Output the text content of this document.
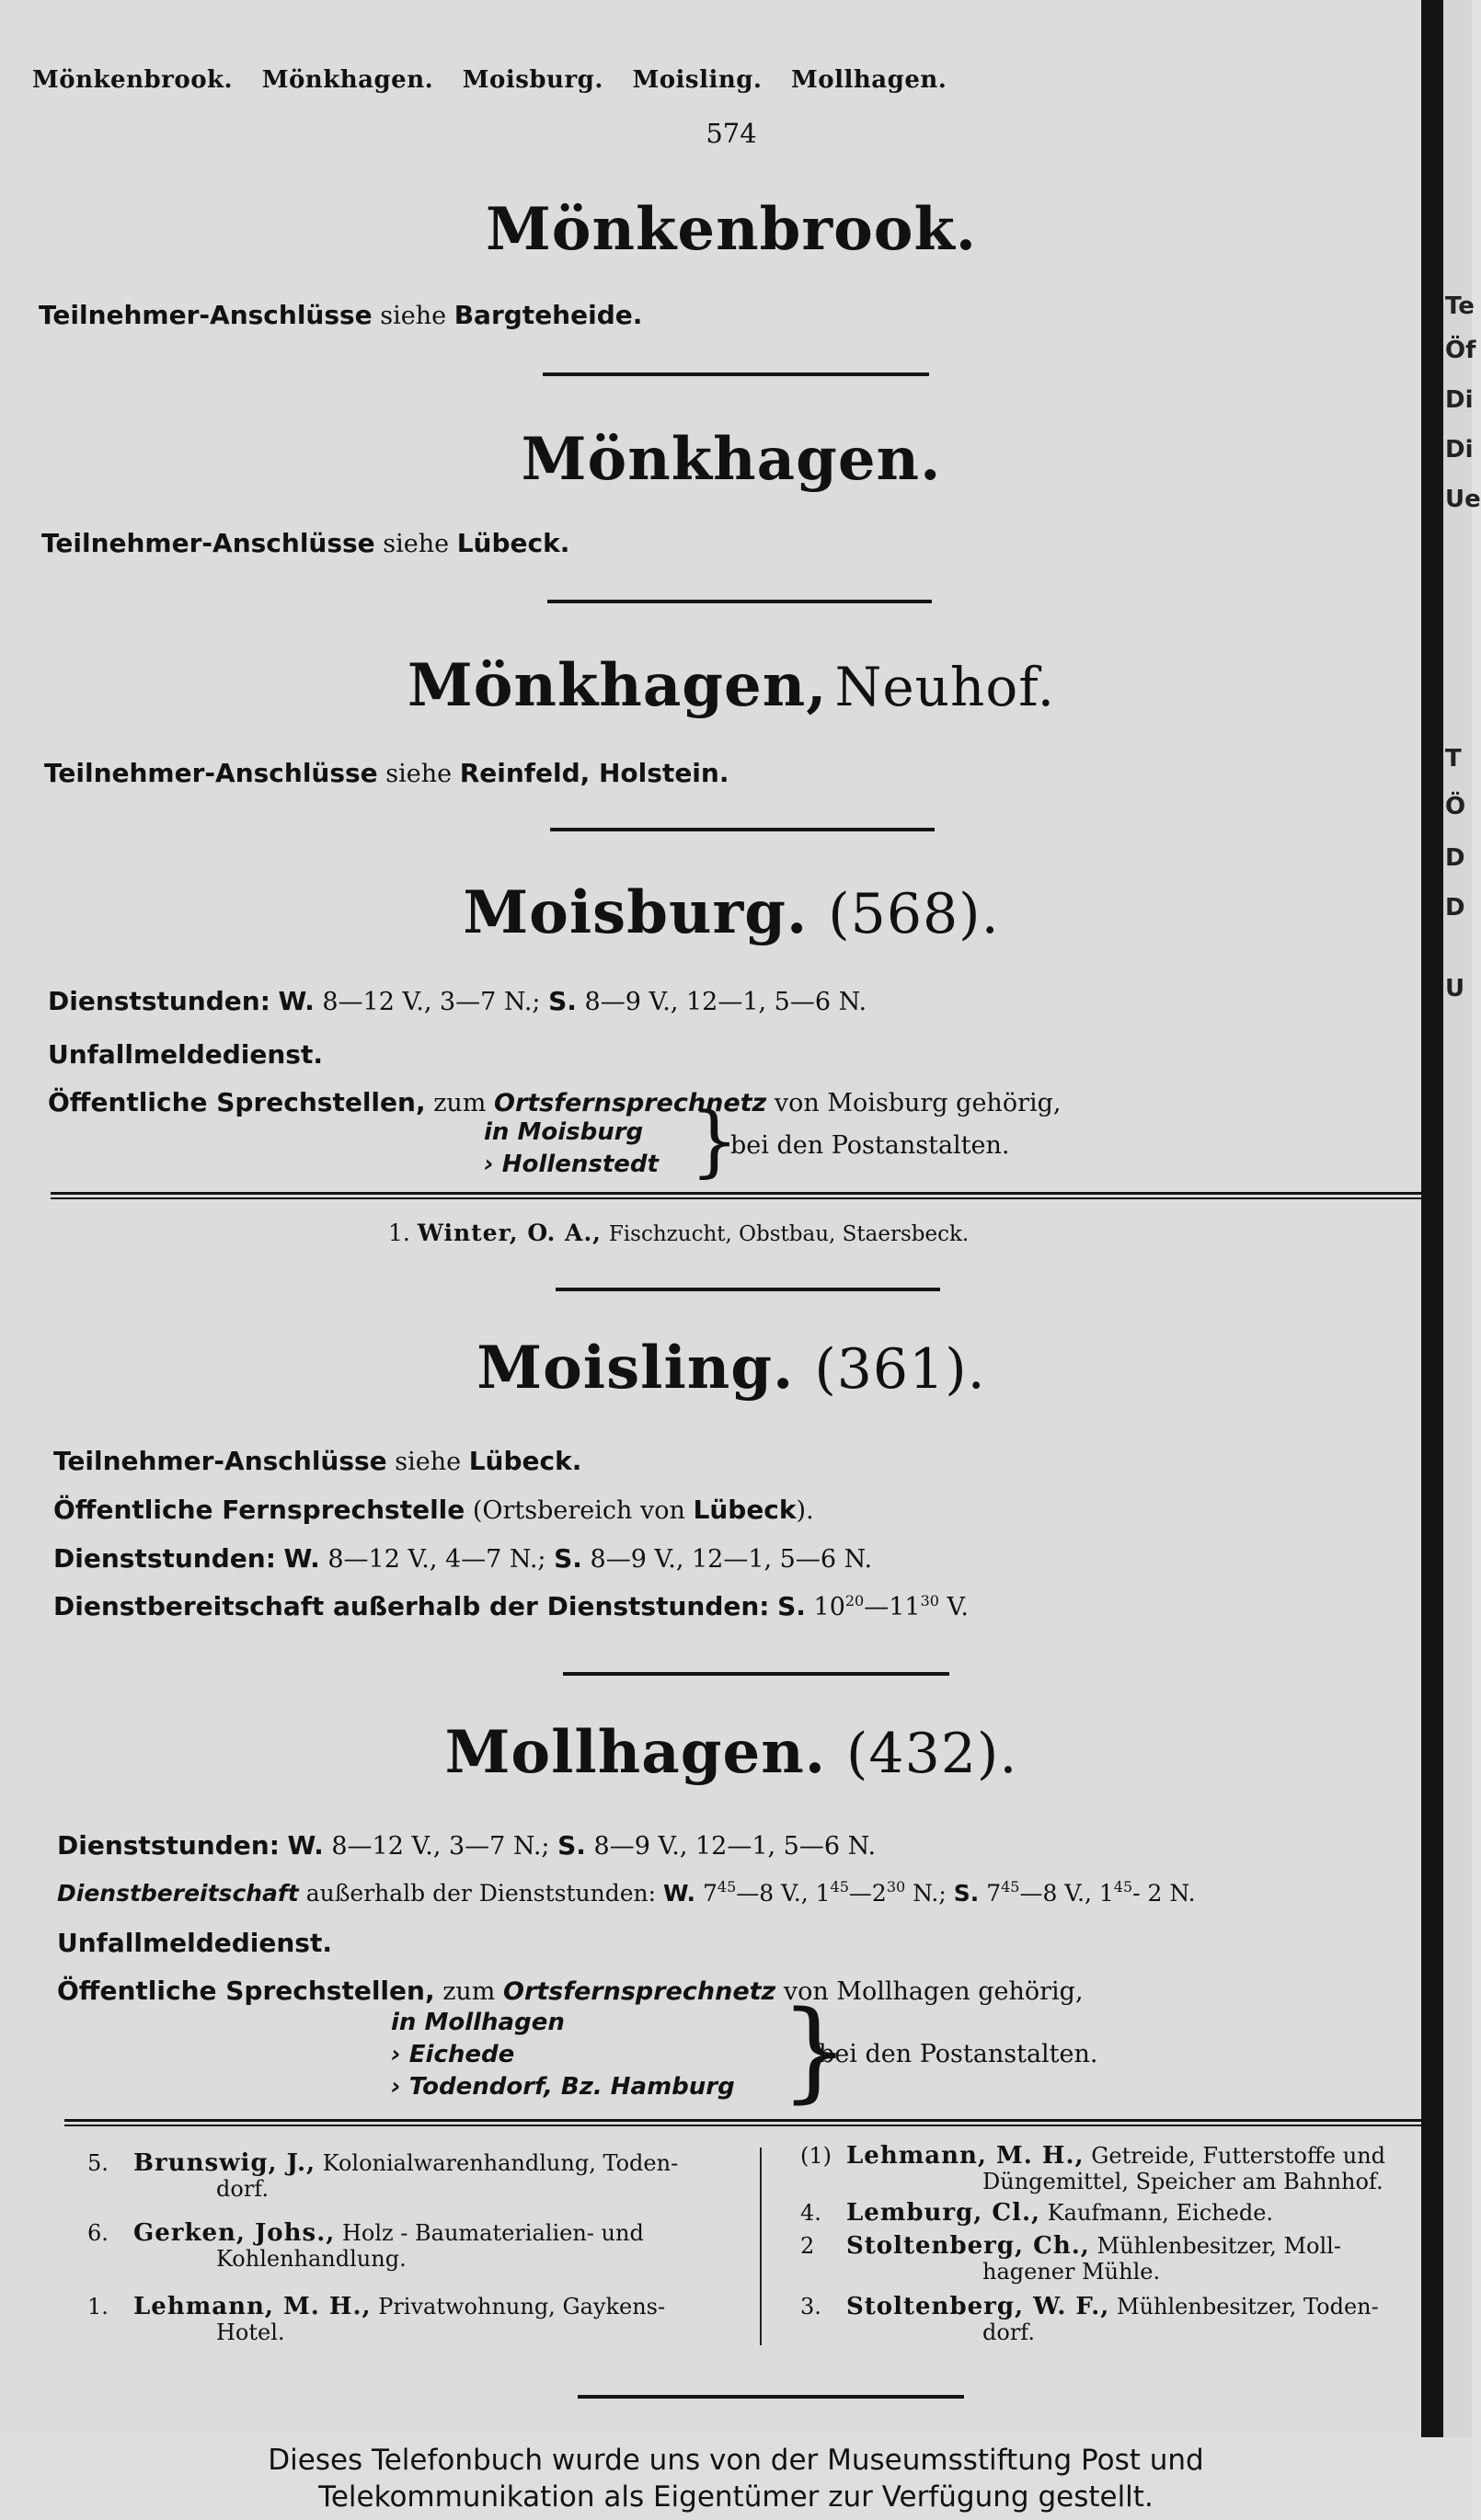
Mönkenbrook. Mönkhagen. Moisburg. Moisling. Mollhagen.
574
Mönkenbrook.
Teilnehmer-Anschlüsse siehe Bargteheide.
Mönkhagen.
Teilnehmer-Anschlüsse siehe Lübeck.
Mönkhagen, Neuhof.
Teilnehmer-Anschlüsse siehe Reinfeld, Holstein.
Moisburg. (568).
Dienststunden: W. 8—12 V., 3—7 N.; S. 8—9 V., 12—1, 5—6 N.
Unfallmeldedienst.
Öffentliche Sprechstellen, zum Ortsfernsprechnetz von Moisburg gehörig,
in Moisburg
› Hollenstedt }
bei den Postanstalten.
1. Winter, O. A., Fischzucht, Obstbau, Staersbeck.
Moisling. (361).
Teilnehmer-Anschlüsse siehe Lübeck.
Öffentliche Fernsprechstelle (Ortsbereich von Lübeck).
Dienststunden: W. 8—12 V., 4—7 N.; S. 8—9 V., 12—1, 5—6 N.
Dienstbereitschaft außerhalb der Dienststunden: S. $10^{20}—11^{30}$ V.
Mollhagen. (432).
Dienststunden: W. 8—12 V., 3—7 N.; S. 8—9 V., 12—1, 5—6 N.
Dienstbereitschaft außerhalb der Dienststunden: W. $7^{45}—8$ V., $1^{45}—2^{30}$ N.; S. $7^{45}—8$ V., $1^{45}-$ 2 N.
Unfallmeldedienst.
Öffentliche Sprechstellen, zum Ortsfernsprechnetz von Mollhagen gehörig,
in Mollhagen
› Eichede
› Todendorf, Bz. Hamburg }
bei den Postanstalten.
5.	Brunswig, J., Kolonialwarenhandlung, Toden-
dorf.
6.	Gerken, Johs., Holz - Baumaterialien- und
Kohlenhandlung.
1.	Lehmann, M. H., Privatwohnung, Gaykens-
Hotel.
(1) Lehmann, M. H., Getreide, Futterstoffe und
Düngemittel, Speicher am Bahnhof.
4.	Lemburg, Cl., Kaufmann, Eichede.
2	Stoltenberg, Ch., Mühlenbesitzer, Moll-
hagener Mühle.
3.	Stoltenberg, W. F., Mühlenbesitzer, Toden-
dorf.
Te
Öf
Di
Di
Ue
T
Ö
D
D
U
Dieses Telefonbuch wurde uns von der Museumsstiftung Post und
Telekommunikation als Eigentümer zur Verfügung gestellt.
